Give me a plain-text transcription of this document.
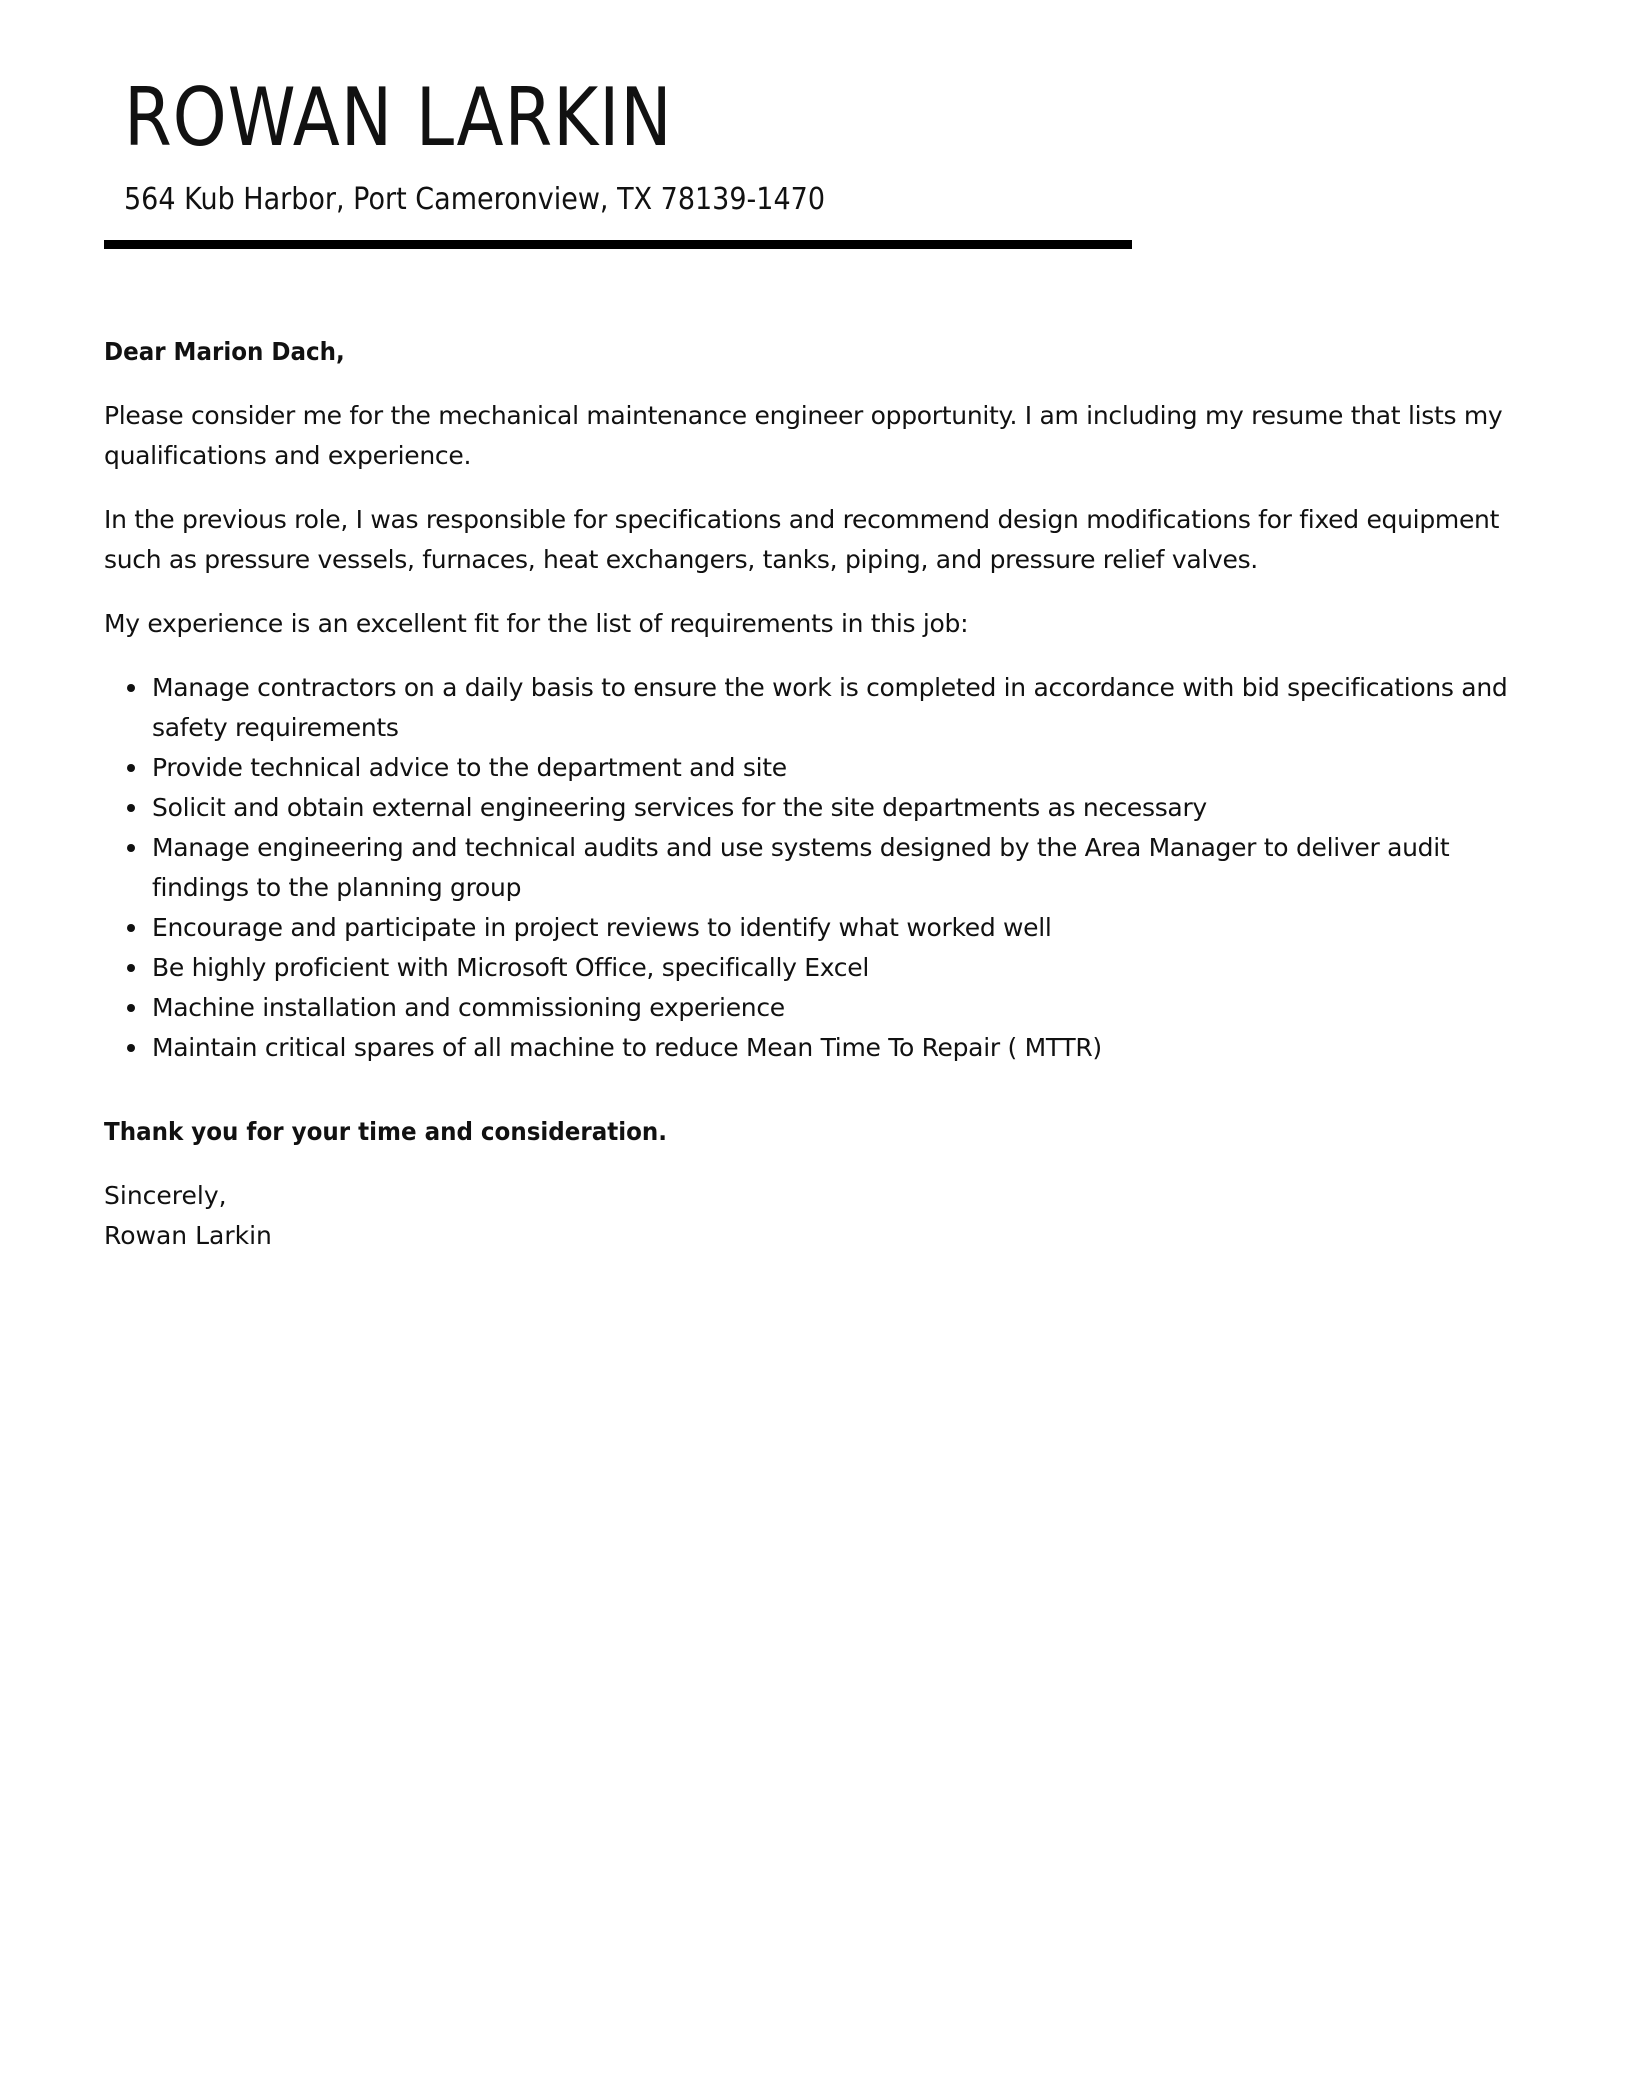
ROWAN LARKIN
564 Kub Harbor, Port Cameronview, TX 78139-1470

Dear Marion Dach,

Please consider me for the mechanical maintenance engineer opportunity. I am including my resume that lists my qualifications and experience.

In the previous role, I was responsible for specifications and recommend design modifications for fixed equipment such as pressure vessels, furnaces, heat exchangers, tanks, piping, and pressure relief valves.

My experience is an excellent fit for the list of requirements in this job:

Manage contractors on a daily basis to ensure the work is completed in accordance with bid specifications and safety requirements
Provide technical advice to the department and site
Solicit and obtain external engineering services for the site departments as necessary
Manage engineering and technical audits and use systems designed by the Area Manager to deliver audit findings to the planning group
Encourage and participate in project reviews to identify what worked well
Be highly proficient with Microsoft Office, specifically Excel
Machine installation and commissioning experience
Maintain critical spares of all machine to reduce Mean Time To Repair ( MTTR)

Thank you for your time and consideration.

Sincerely,

Rowan Larkin
